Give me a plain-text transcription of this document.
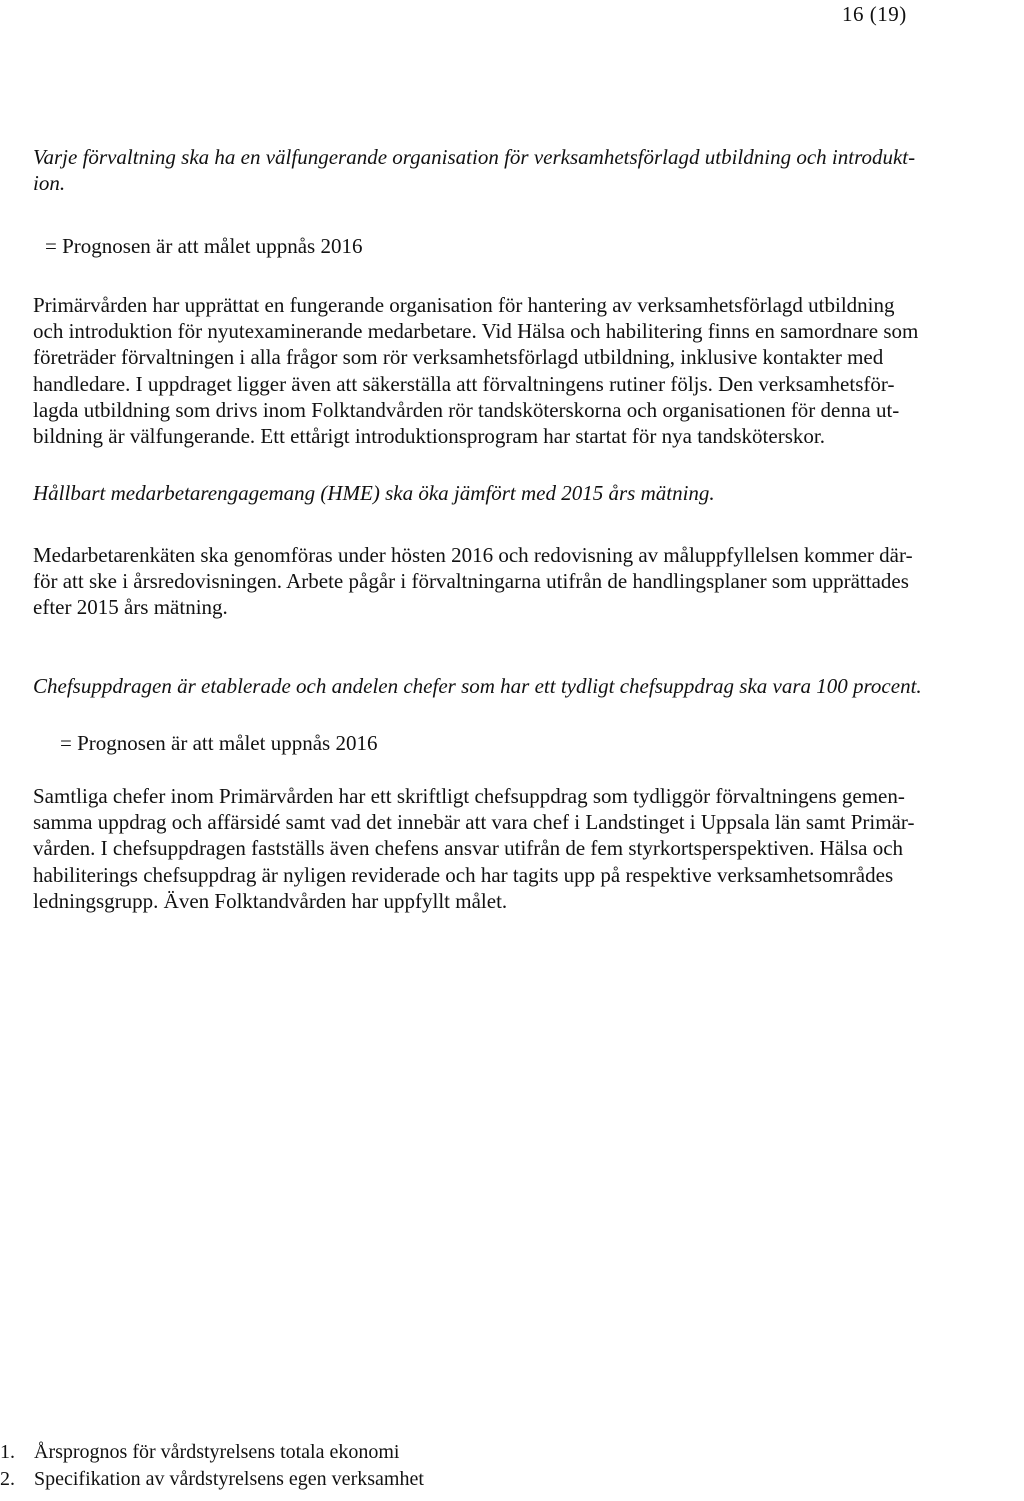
16 (19)
Varje förvaltning ska ha en välfungerande organisation för verksamhetsförlagd utbildning och introdukt-
ion.
= Prognosen är att målet uppnås 2016
Primärvården har upprättat en fungerande organisation för hantering av verksamhetsförlagd utbildning
och introduktion för nyutexaminerande medarbetare. Vid Hälsa och habilitering finns en samordnare som
företräder förvaltningen i alla frågor som rör verksamhetsförlagd utbildning, inklusive kontakter med
handledare. I uppdraget ligger även att säkerställa att förvaltningens rutiner följs. Den verksamhetsför-
lagda utbildning som drivs inom Folktandvården rör tandsköterskorna och organisationen för denna ut-
bildning är välfungerande. Ett ettårigt introduktionsprogram har startat för nya tandsköterskor.
Hållbart medarbetarengagemang (HME) ska öka jämfört med 2015 års mätning.
Medarbetarenkäten ska genomföras under hösten 2016 och redovisning av måluppfyllelsen kommer där-
för att ske i årsredovisningen. Arbete pågår i förvaltningarna utifrån de handlingsplaner som upprättades
efter 2015 års mätning.
Chefsuppdragen är etablerade och andelen chefer som har ett tydligt chefsuppdrag ska vara 100 procent.
= Prognosen är att målet uppnås 2016
Samtliga chefer inom Primärvården har ett skriftligt chefsuppdrag som tydliggör förvaltningens gemen-
samma uppdrag och affärsidé samt vad det innebär att vara chef i Landstinget i Uppsala län samt Primär-
vården. I chefsuppdragen fastställs även chefens ansvar utifrån de fem styrkortsperspektiven. Hälsa och
habiliterings chefsuppdrag är nyligen reviderade och har tagits upp på respektive verksamhetsområdes
ledningsgrupp. Även Folktandvården har uppfyllt målet.
1. Årsprognos för vårdstyrelsens totala ekonomi
2. Specifikation av vårdstyrelsens egen verksamhet
